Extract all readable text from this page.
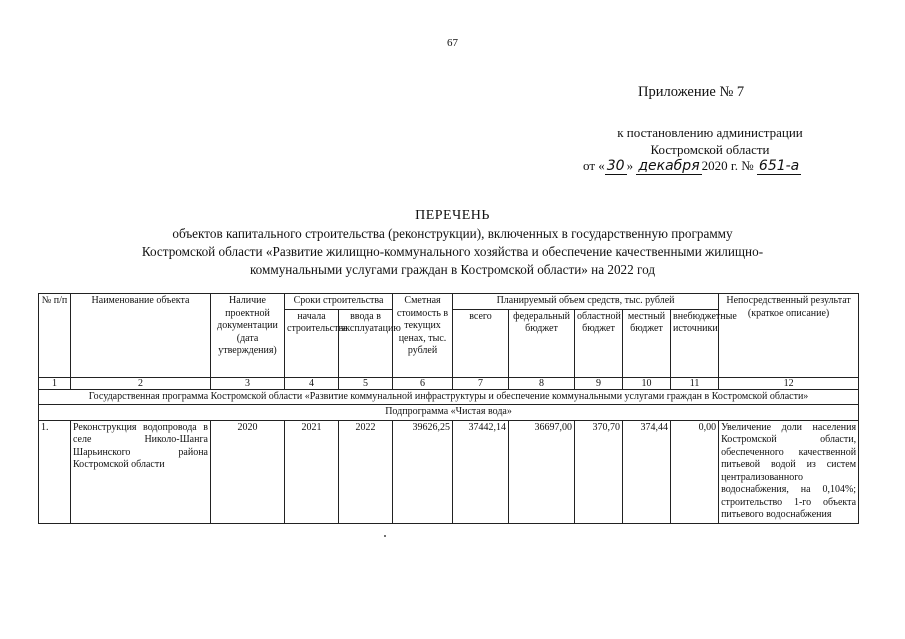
67
Приложение № 7
к постановлению администрации
Костромской области
от « 30 » декабря 2020 г. № 651-а
ПЕРЕЧЕНЬ
объектов капитального строительства (реконструкции), включенных в государственную программу
Костромской области «Развитие жилищно-коммунального хозяйства и обеспечение качественными жилищно-
коммунальными услугами граждан в Костромской области» на 2022 год
№ п/п	Наименование объекта	Наличие проектной документации (дата утверждения)	Сроки строительства		Сметная стоимость в текущих ценах, тыс. рублей	Планируемый объем средств, тыс. рублей					Непосредственный результат (краткое описание)
			начала строительства	ввода в эксплуатацию		всего	федеральный бюджет	областной бюджет	местный бюджет	внебюджетные источники	
1	2	3	4	5	6	7	8	9	10	11	12
Государственная программа Костромской области «Развитие коммунальной инфраструктуры и обеспечение коммунальными услугами граждан в Костромской области»											
Подпрограмма «Чистая вода»											
1.	Реконструкция водопровода в селе Николо-Шанга Шарьинского района Костромской области	2020	2021	2022	39626,25	37442,14	36697,00	370,70	374,44	0,00	Увеличение доли населения Костромской области, обеспеченного качественной питьевой водой из систем централизованного водоснабжения, на 0,104%; строительство 1-го объекта питьевого водоснабжения
